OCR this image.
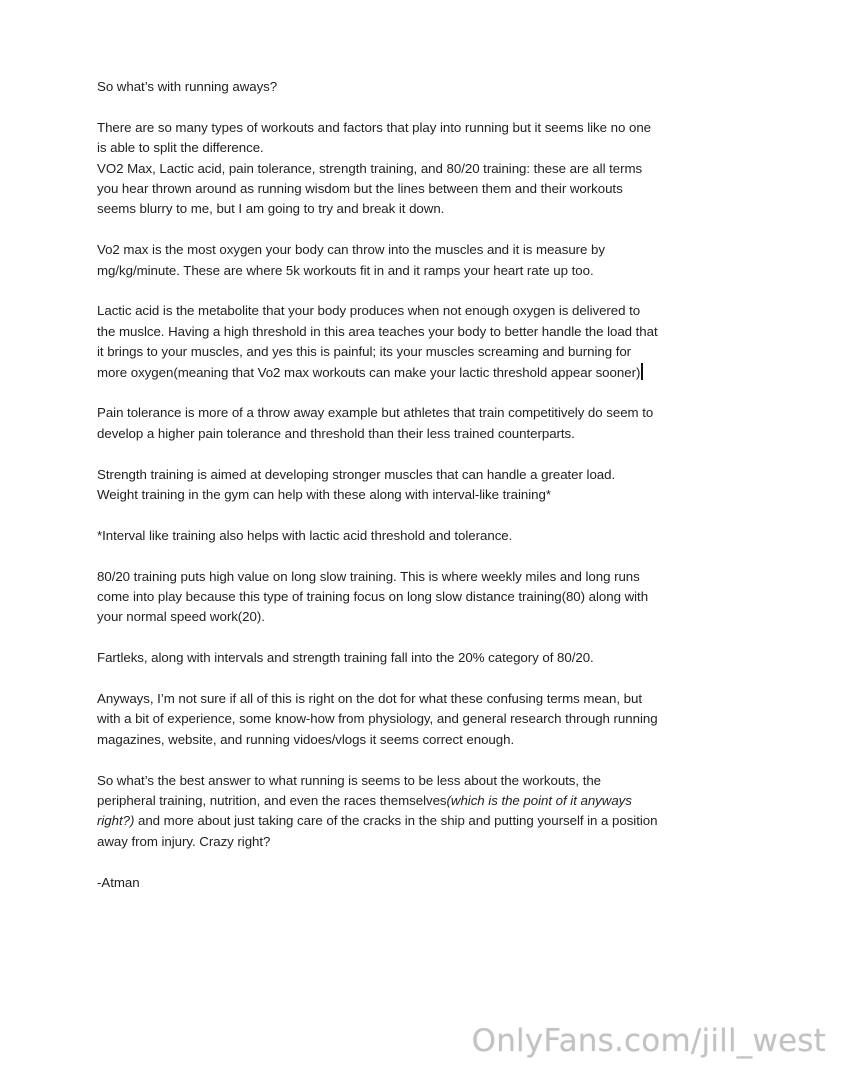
So what’s with running aways?

There are so many types of workouts and factors that play into running but it seems like no one
is able to split the difference.

VO2 Max, Lactic acid, pain tolerance, strength training, and 80/20 training: these are all terms
you hear thrown around as running wisdom but the lines between them and their workouts
seems blurry to me, but I am going to try and break it down.

Vo2 max is the most oxygen your body can throw into the muscles and it is measure by
mg/kg/minute. These are where 5k workouts fit in and it ramps your heart rate up too.

Lactic acid is the metabolite that your body produces when not enough oxygen is delivered to
the muslce. Having a high threshold in this area teaches your body to better handle the load that
it brings to your muscles, and yes this is painful; its your muscles screaming and burning for
more oxygen(meaning that Vo2 max workouts can make your lactic threshold appear sooner)

Pain tolerance is more of a throw away example but athletes that train competitively do seem to
develop a higher pain tolerance and threshold than their less trained counterparts.

Strength training is aimed at developing stronger muscles that can handle a greater load.
Weight training in the gym can help with these along with interval-like training*

*Interval like training also helps with lactic acid threshold and tolerance.

80/20 training puts high value on long slow training. This is where weekly miles and long runs
come into play because this type of training focus on long slow distance training(80) along with
your normal speed work(20).

Fartleks, along with intervals and strength training fall into the 20% category of 80/20.

Anyways, I’m not sure if all of this is right on the dot for what these confusing terms mean, but
with a bit of experience, some know-how from physiology, and general research through running
magazines, website, and running vidoes/vlogs it seems correct enough.

So what’s the best answer to what running is seems to be less about the workouts, the
peripheral training, nutrition, and even the races themselves(which is the point of it anyways
right?) and more about just taking care of the cracks in the ship and putting yourself in a position
away from injury. Crazy right?

-Atman

OnlyFans.com/jill_west
